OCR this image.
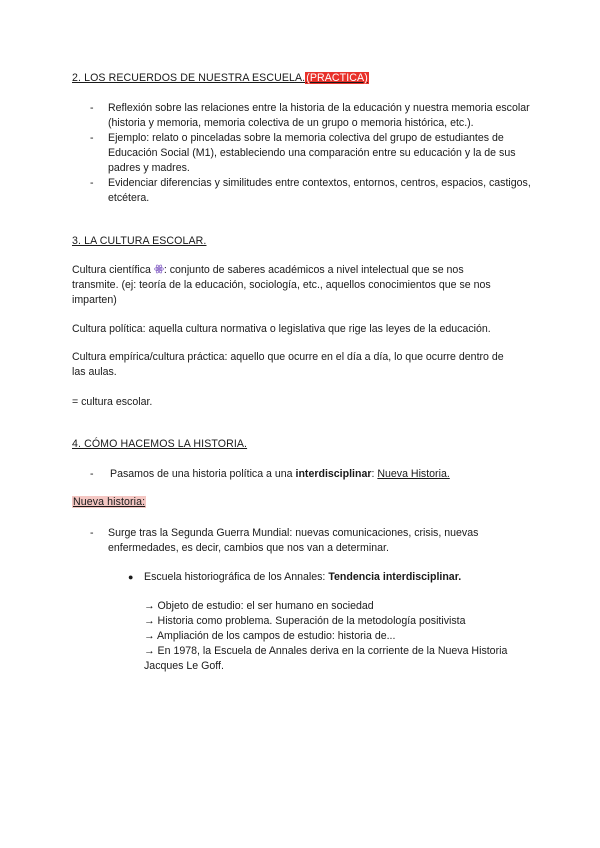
2. LOS RECUERDOS DE NUESTRA ESCUELA.(PRACTICA)
- Reflexión sobre las relaciones entre la historia de la educación y nuestra memoria escolar (historia y memoria, memoria colectiva de un grupo o memoria histórica, etc.).
- Ejemplo: relato o pinceladas sobre la memoria colectiva del grupo de estudiantes de Educación Social (M1), estableciendo una comparación entre su educación y la de sus padres y madres.
- Evidenciar diferencias y similitudes entre contextos, entornos, centros, espacios, castigos, etcétera.
3. LA CULTURA ESCOLAR.

Cultura científica : conjunto de saberes académicos a nivel intelectual que se nos transmite. (ej: teoría de la educación, sociología, etc., aquellos conocimientos que se nos imparten)

Cultura política: aquella cultura normativa o legislativa que rige las leyes de la educación.

Cultura empírica/cultura práctica: aquello que ocurre en el día a día, lo que ocurre dentro de las aulas.

= cultura escolar.

4. CÓMO HACEMOS LA HISTORIA.
- Pasamos de una historia política a una interdisciplinar: Nueva Historia.
Nueva historia:
- Surge tras la Segunda Guerra Mundial: nuevas comunicaciones, crisis, nuevas enfermedades, es decir, cambios que nos van a determinar.
● Escuela historiográfica de los Annales: Tendencia interdisciplinar.
→ Objeto de estudio: el ser humano en sociedad
→ Historia como problema. Superación de la metodología positivista
→ Ampliación de los campos de estudio: historia de...
→ En 1978, la Escuela de Annales deriva en la corriente de la Nueva Historia Jacques Le Goff.
